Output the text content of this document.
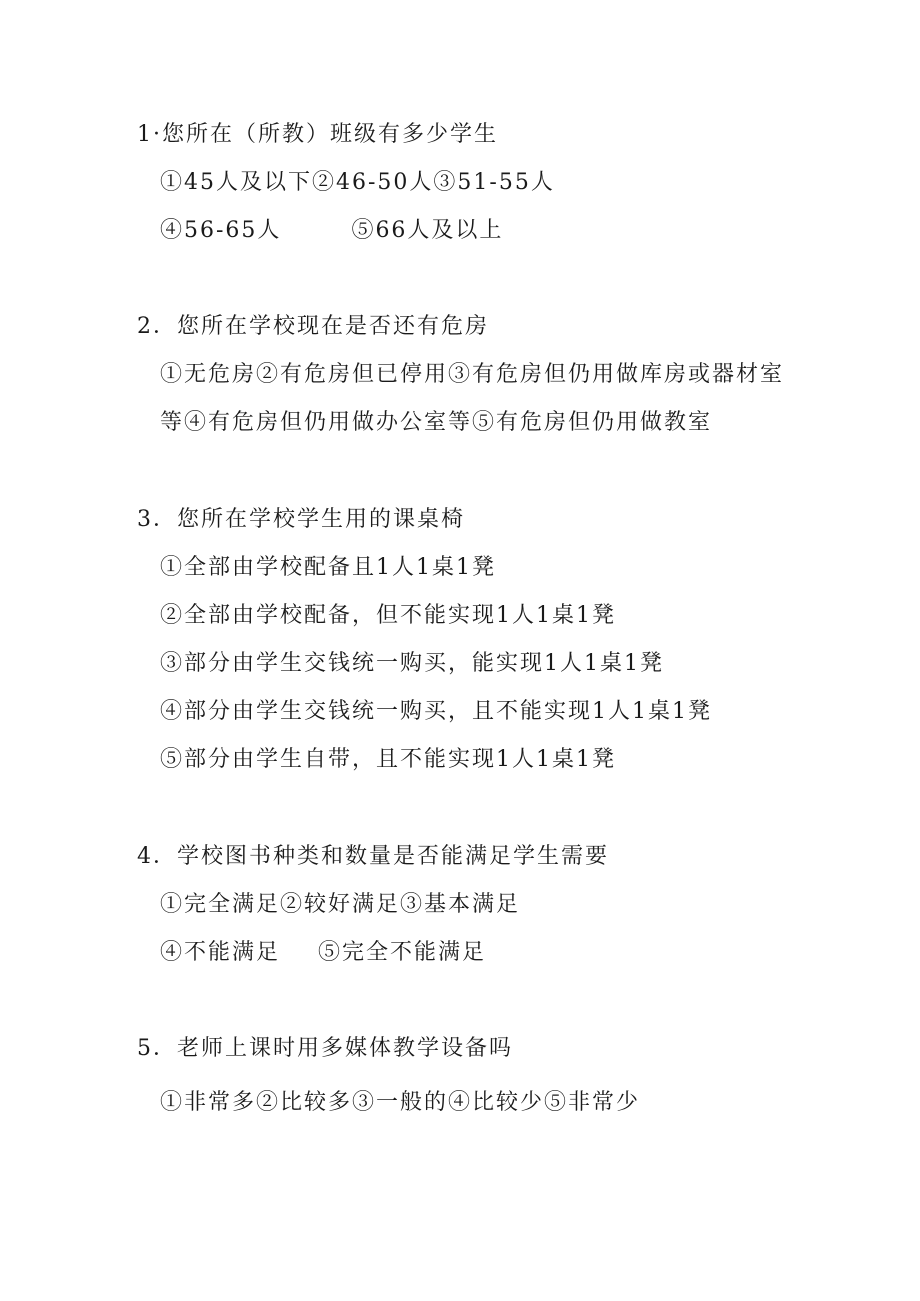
1·您所在（所教）班级有多少学生
①45人及以下②46-50人③51-55人
④56-65人	⑤66人及以上
2．您所在学校现在是否还有危房
①无危房②有危房但已停用③有危房但仍用做库房或器材室
等④有危房但仍用做办公室等⑤有危房但仍用做教室
3．您所在学校学生用的课桌椅
①全部由学校配备且1人1桌1凳
②全部由学校配备，但不能实现1人1桌1凳
③部分由学生交钱统一购买，能实现1人1桌1凳
④部分由学生交钱统一购买，且不能实现1人1桌1凳
⑤部分由学生自带，且不能实现1人1桌1凳
4．学校图书种类和数量是否能满足学生需要
①完全满足②较好满足③基本满足
④不能满足 ⑤完全不能满足
5．老师上课时用多媒体教学设备吗
①非常多②比较多③一般的④比较少⑤非常少
